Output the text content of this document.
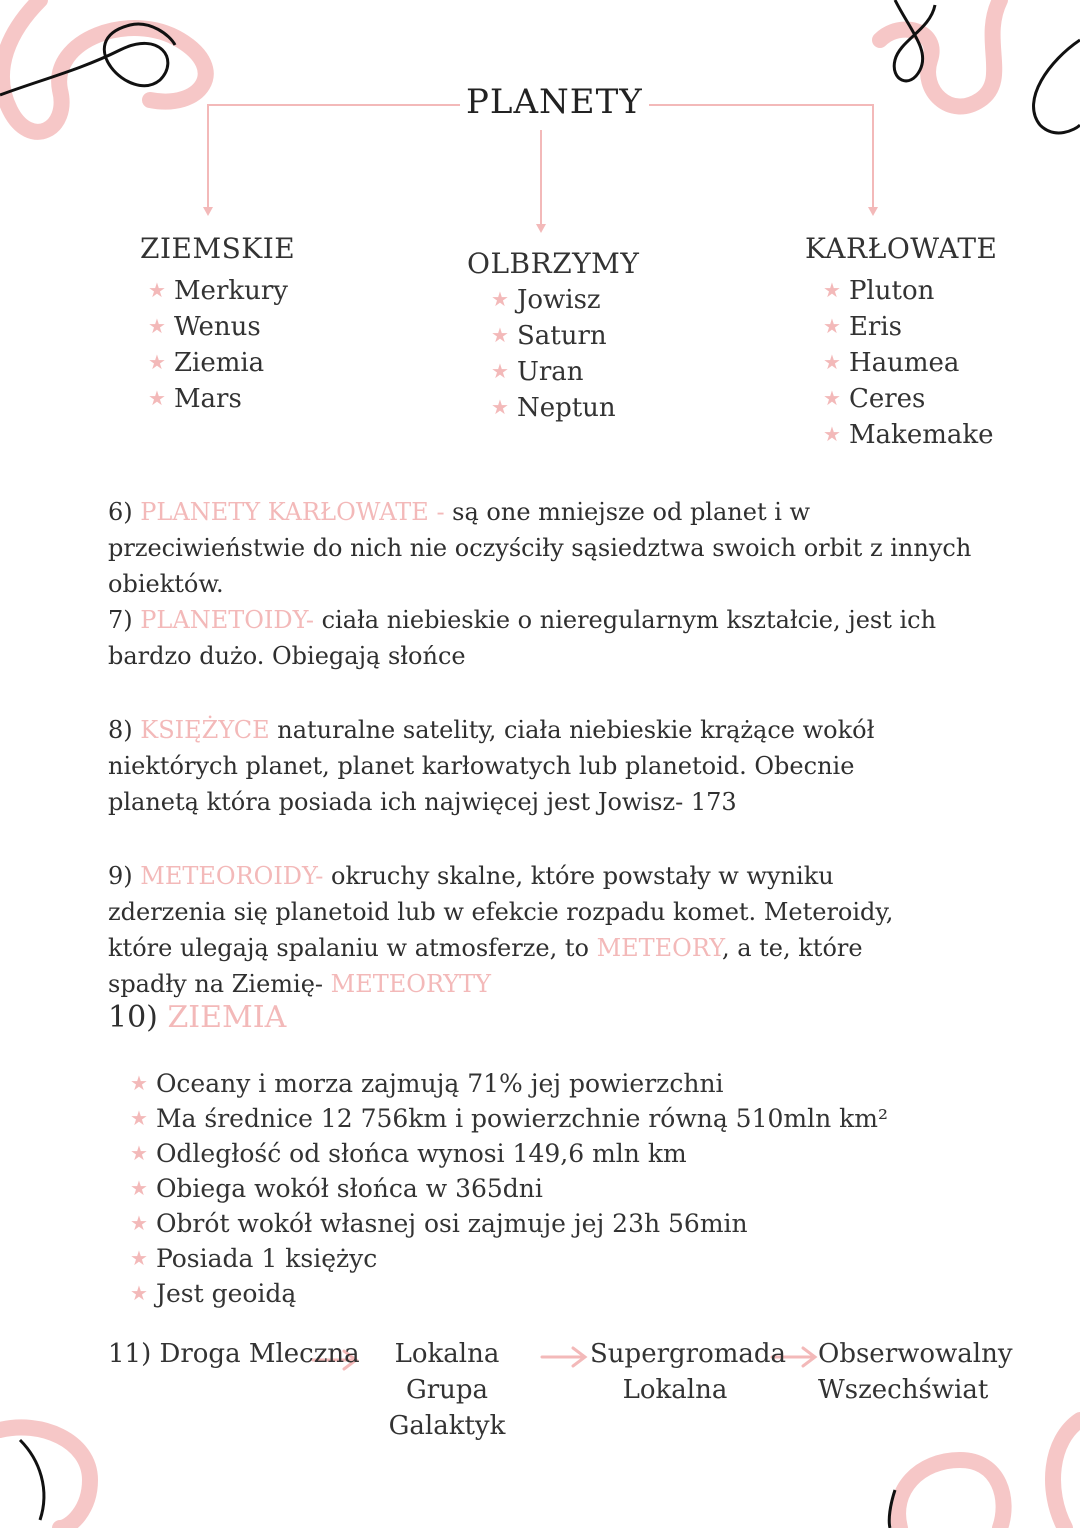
PLANETY
ZIEMSKIE
★ Merkury
★ Wenus
★ Ziemia
★ Mars
OLBRZYMY
★ Jowisz
★ Saturn
★ Uran
★ Neptun
KARŁOWATE
★ Pluton
★ Eris
★ Haumea
★ Ceres
★ Makemake
6) PLANETY KARŁOWATE - są one mniejsze od planet i w przeciwieństwie do nich nie oczyściły sąsiedztwa swoich orbit z innych obiektów.
7) PLANETOIDY- ciała niebieskie o nieregularnym kształcie, jest ich bardzo dużo. Obiegają słońce
8) KSIĘŻYCE naturalne satelity, ciała niebieskie krążące wokół niektórych planet, planet karłowatych lub planetoid. Obecnie planetą która posiada ich najwięcej jest Jowisz- 173
9) METEOROIDY- okruchy skalne, które powstały w wyniku zderzenia się planetoid lub w efekcie rozpadu komet. Meteroidy, które ulegają spalaniu w atmosferze, to METEORY, a te, które spadły na Ziemię- METEORYTY
10) ZIEMIA
★ Oceany i morza zajmują 71% jej powierzchni
★ Ma średnice 12 756km i powierzchnie równą 510mln km²
★ Odległość od słońca wynosi 149,6 mln km
★ Obiega wokół słońca w 365dni
★ Obrót wokół własnej osi zajmuje jej 23h 56min
★ Posiada 1 księżyc
★ Jest geoidą
11) Droga Mleczna	Lokalna Grupa
Galaktyk
Supergromada
Lokalna
Obserwowalny
Wszechświat
